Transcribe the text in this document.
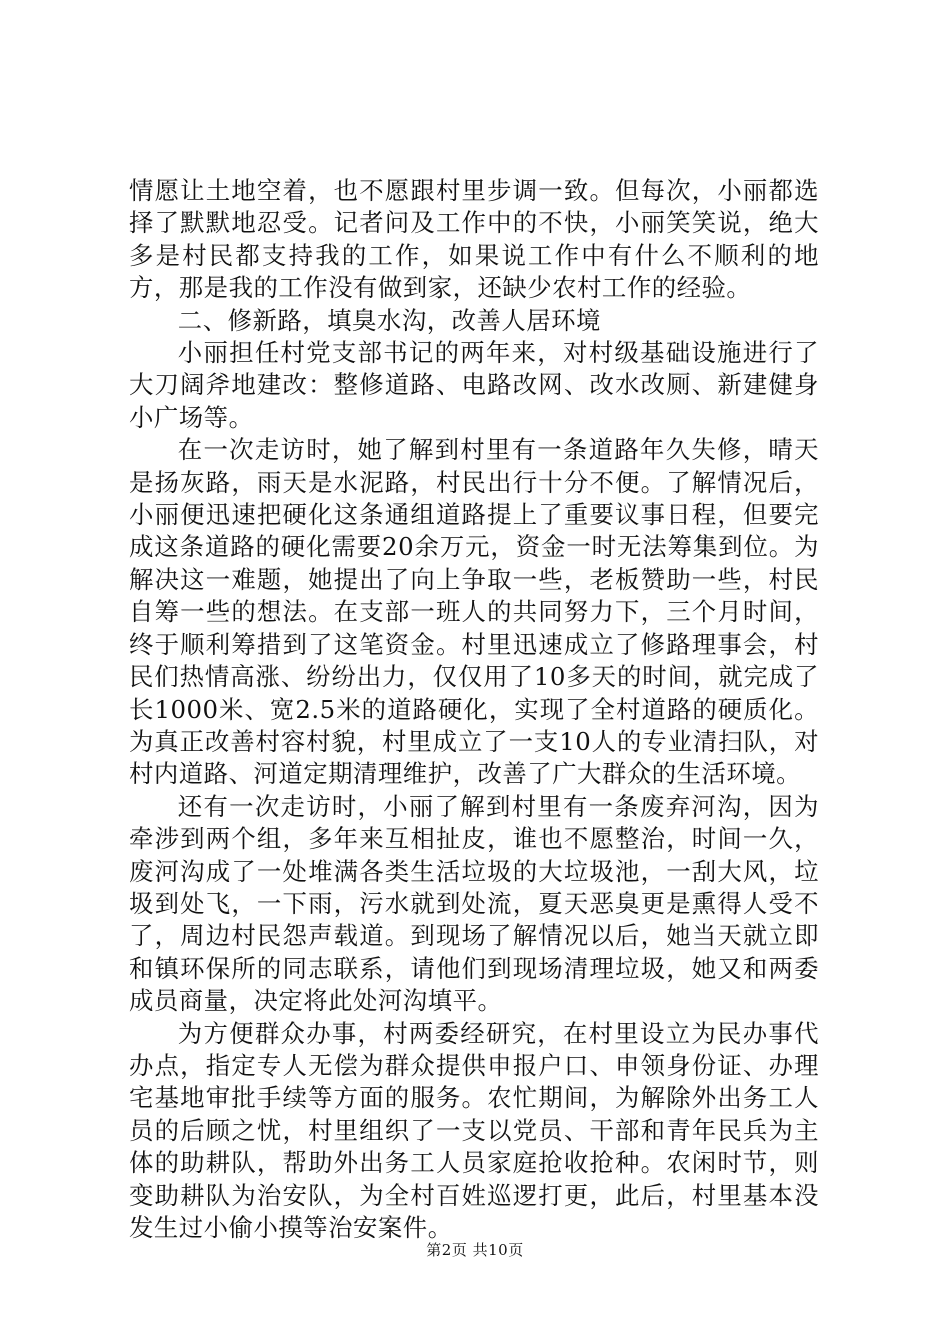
情愿让土地空着，也不愿跟村里步调一致。但每次，小丽都选择了默默地忍受。记者问及工作中的不快，小丽笑笑说，绝大多是村民都支持我的工作，如果说工作中有什么不顺利的地方，那是我的工作没有做到家，还缺少农村工作的经验。

二、修新路，填臭水沟，改善人居环境

小丽担任村党支部书记的两年来，对村级基础设施进行了大刀阔斧地建改：整修道路、电路改网、改水改厕、新建健身小广场等。

在一次走访时，她了解到村里有一条道路年久失修，晴天是扬灰路，雨天是水泥路，村民出行十分不便。了解情况后，小丽便迅速把硬化这条通组道路提上了重要议事日程，但要完成这条道路的硬化需要20余万元，资金一时无法筹集到位。为解决这一难题，她提出了向上争取一些，老板赞助一些，村民自筹一些的想法。在支部一班人的共同努力下，三个月时间，终于顺利筹措到了这笔资金。村里迅速成立了修路理事会，村民们热情高涨、纷纷出力，仅仅用了10多天的时间，就完成了长1000米、宽2.5米的道路硬化，实现了全村道路的硬质化。为真正改善村容村貌，村里成立了一支10人的专业清扫队，对村内道路、河道定期清理维护，改善了广大群众的生活环境。

还有一次走访时，小丽了解到村里有一条废弃河沟，因为牵涉到两个组，多年来互相扯皮，谁也不愿整治，时间一久，废河沟成了一处堆满各类生活垃圾的大垃圾池，一刮大风，垃圾到处飞，一下雨，污水就到处流，夏天恶臭更是熏得人受不了，周边村民怨声载道。到现场了解情况以后，她当天就立即和镇环保所的同志联系，请他们到现场清理垃圾，她又和两委成员商量，决定将此处河沟填平。

为方便群众办事，村两委经研究，在村里设立为民办事代办点，指定专人无偿为群众提供申报户口、申领身份证、办理宅基地审批手续等方面的服务。农忙期间，为解除外出务工人员的后顾之忧，村里组织了一支以党员、干部和青年民兵为主体的助耕队，帮助外出务工人员家庭抢收抢种。农闲时节，则变助耕队为治安队，为全村百姓巡逻打更，此后，村里基本没发生过小偷小摸等治安案件。

第2页 共10页
